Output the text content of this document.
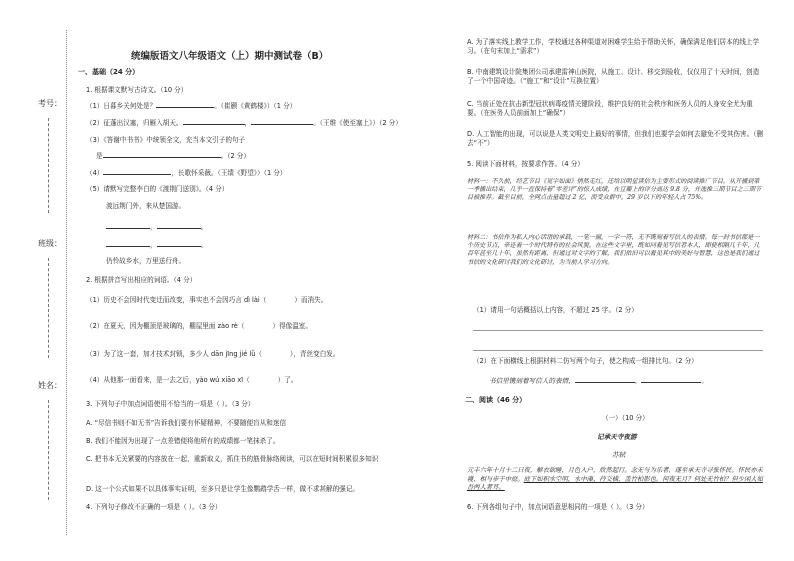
考号：
班级：
姓名：
统编版语文八年级语文（上）期中测试卷（B）
一、基础（24 分）
1. 根据课文默写古诗文。（10 分）
（1）日暮乡关何处是？	。（崔颢《黄鹤楼》）（1 分）
（2）征蓬出汉塞，归雁入胡天。	，	。（王维《使至塞上》）（2 分）
（3）《答谢中书书》中统领全文，充当本文引子的句子
是	。（2 分）
（4）	，长歌怀采薇。（王绩《野望》）（1 分）
（5）请默写完整李白的《渡荆门送别》。（4 分）
渡远荆门外，来从楚国游。
，	。
，	。
仍怜故乡水，万里送行舟。
2. 根据拼音写出相应的词语。（4 分）
（1）历史不会因时代变迁而改变，事实也不会因巧言 dì lài（	）而消失。
（2）在夏天，因为棚顶是玻璃的，棚屋里面 zào rè（	）得像温室。
（3）为了这一套，加才技术封锁，多少人 dān jīng jié lǜ（	），青丝变白发。
（4）从他那一面看来，是一去之后，yào wú xiāo xī（	）了。
3. 下列句子中加点词语使用不恰当的一项是（ ）。（3 分）
A. “尽信书则不如无书”告诉我们要有怀疑精神，不要随便盲从和迷信
B. 我们不能因为出现了一点差错便将他所有的成绩都一笔抹杀了。
C. 把书本无关紧要的内容放在一起，重新取义，抓住书的筋骨脉络阅读，可以在短时间积累很多知识
D. 这一个公式如果不以具体事实证明，至多只是让学生像鹦鹉学舌一样，做不求甚解的强记。
4. 下列句子修改不正确的一项是（ ）。（3 分）
A. 为了落实线上教学工作，学校通过各种渠道对困难学生给予帮助关怀，确保满足他们居本的线上学习。（在句末加上“需求”）
B. 中南建筑设计院集团公司承建雷神山医院，从施工、设计、移交到验收，仅仅用了十天时间，创造了一个中国奇迹。（“施工”和“设计”互换位置）
C. 当前正处在抗击新型冠状病毒疫情关键阶段，维护良好的社会秩序和医务人员的人身安全尤为重要。（在医务人员前面加上“确保”）
D. 人工智能的出现，可以说是人类文明史上最好的事情，但我们也要学会如何去避免不受其伤害。（删去“不”）
5. 阅读下面材料，按要求作答。（4 分）
材料一：不久前，经艺节目《见字如面》悄然走红，还给以明星读信为主要形式的阅读推广节目。从开播到第一季播出结束，几乎一直保持着“零差评”的惊人成绩，在豆瓣上的评分高达 9.8 分，并选推三期节目之三期节目被推荐。截至目前，全网点击量超过 2 亿，而受众群中，29 岁以下的年轻人占 75%。
材料二：书信作为私人内心话语的承载，一笔一画，一字一符，无不镌刻着写信人的表情。每一封书信都是一个历史节点，牵连着一个时代特有的社会风貌。在这些文字里，既如同看见写信者本人，即使相隔几千年、几百年甚至几十年，虽然有距离，但通过对文字的了解，我们依旧可以看见其中的美好与智慧，这也是我们通过书信的文化研讨我们的文化研讨，为当前人学习方向。
（1）请用一句话概括以上内容，不超过 25 字。（2 分）
（2）在下面横线上根据材料二仿写两个句子，使之构成一组排比句。（2 分）
书信里镌刻着写信人的表情，	，	。
二、阅读（46 分）
（一）（10 分）
记承天寺夜游
苏轼
元丰六年十月十二日夜，解衣欲睡，月色入户，欣然起行。念无与为乐者，遂至承天寺寻张怀民。怀民亦未寝，相与步于中庭。庭下如积水空明，水中藻、荇交横，盖竹柏影也。何夜无月？何处无竹柏？但少闲人如吾两人者耳。
6. 下列各组句子中，加点词语意思相同的一项是（ ）。（3 分）
